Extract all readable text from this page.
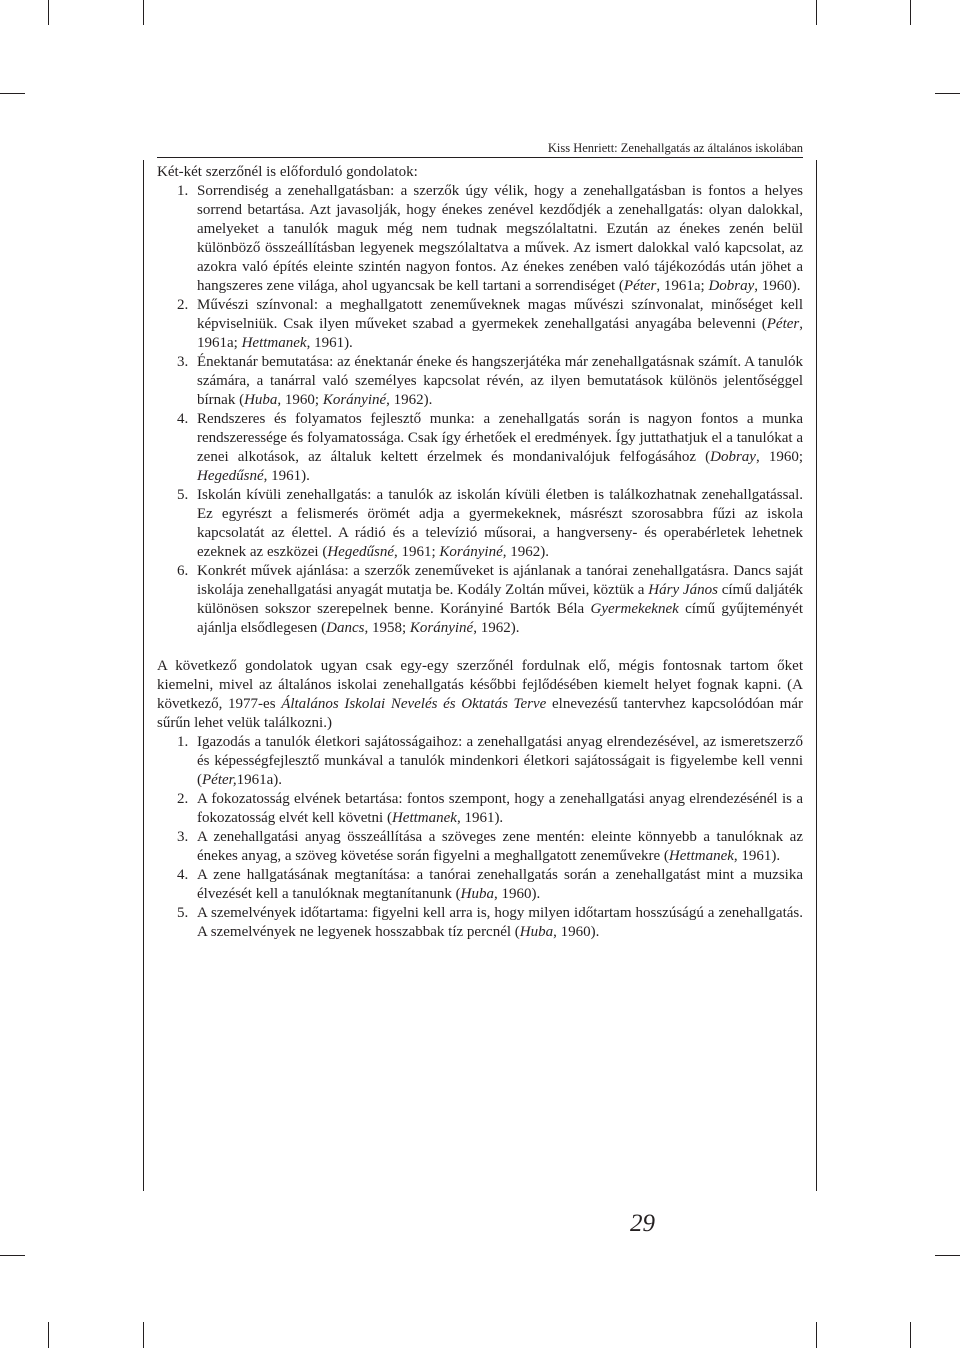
Kiss Henriett: Zenehallgatás az általános iskolában

Két-két szerzőnél is előforduló gondolatok:

1. Sorrendiség a zenehallgatásban: a szerzők úgy vélik, hogy a zenehallgatásban is fontos a helyes sorrend betartása. Azt javasolják, hogy énekes zenével kezdődjék a zenehallgatás: olyan dalokkal, amelyeket a tanulók maguk még nem tudnak megszólaltatni. Ezután az énekes zenén belül különböző összeállításban legyenek megszólaltatva a művek. Az ismert dalokkal való kapcsolat, az azokra való építés eleinte szintén nagyon fontos. Az énekes zenében való tájékozódás után jöhet a hangszeres zene világa, ahol ugyancsak be kell tartani a sorrendiséget (Péter, 1961a; Dobray, 1960).
2. Művészi színvonal: a meghallgatott zeneműveknek magas művészi színvonalat, minőséget kell képviselniük. Csak ilyen műveket szabad a gyermekek zenehallgatási anyagába belevenni (Péter, 1961a; Hettmanek, 1961).
3. Énektanár bemutatása: az énektanár éneke és hangszerjátéka már zenehallgatásnak számít. A tanulók számára, a tanárral való személyes kapcsolat révén, az ilyen bemutatások különös jelentőséggel bírnak (Huba, 1960; Korányiné, 1962).
4. Rendszeres és folyamatos fejlesztő munka: a zenehallgatás során is nagyon fontos a munka rendszeressége és folyamatossága. Csak így érhetőek el eredmények. Így juttathatjuk el a tanulókat a zenei alkotások, az általuk keltett érzelmek és mondanivalójuk felfogásához (Dobray, 1960; Hegedűsné, 1961).
5. Iskolán kívüli zenehallgatás: a tanulók az iskolán kívüli életben is találkozhatnak zenehallgatással. Ez egyrészt a felismerés örömét adja a gyermekeknek, másrészt szorosabbra fűzi az iskola kapcsolatát az élettel. A rádió és a televízió műsorai, a hangverseny- és operabérletek lehetnek ezeknek az eszközei (Hegedűsné, 1961; Korányiné, 1962).
6. Konkrét művek ajánlása: a szerzők zeneműveket is ajánlanak a tanórai zenehallgatásra. Dancs saját iskolája zenehallgatási anyagát mutatja be. Kodály Zoltán művei, köztük a Háry János című daljáték különösen sokszor szerepelnek benne. Korányiné Bartók Béla Gyermekeknek című gyűjteményét ajánlja elsődlegesen (Dancs, 1958; Korányiné, 1962).

A következő gondolatok ugyan csak egy-egy szerzőnél fordulnak elő, mégis fontosnak tartom őket kiemelni, mivel az általános iskolai zenehallgatás későbbi fejlődésében kiemelt helyet fognak kapni. (A következő, 1977-es Általános Iskolai Nevelés és Oktatás Terve elnevezésű tantervhez kapcsolódóan már sűrűn lehet velük találkozni.)

1. Igazodás a tanulók életkori sajátosságaihoz: a zenehallgatási anyag elrendezésével, az ismeretszerző és képességfejlesztő munkával a tanulók mindenkori életkori sajátosságait is figyelembe kell venni (Péter,1961a).
2. A fokozatosság elvének betartása: fontos szempont, hogy a zenehallgatási anyag elrendezésénél is a fokozatosság elvét kell követni (Hettmanek, 1961).
3. A zenehallgatási anyag összeállítása a szöveges zene mentén: eleinte könnyebb a tanulóknak az énekes anyag, a szöveg követése során figyelni a meghallgatott zeneművekre (Hettmanek, 1961).
4. A zene hallgatásának megtanítása: a tanórai zenehallgatás során a zenehallgatást mint a muzsika élvezését kell a tanulóknak megtanítanunk (Huba, 1960).
5. A szemelvények időtartama: figyelni kell arra is, hogy milyen időtartam hosszúságú a zenehallgatás. A szemelvények ne legyenek hosszabbak tíz percnél (Huba, 1960).
29
